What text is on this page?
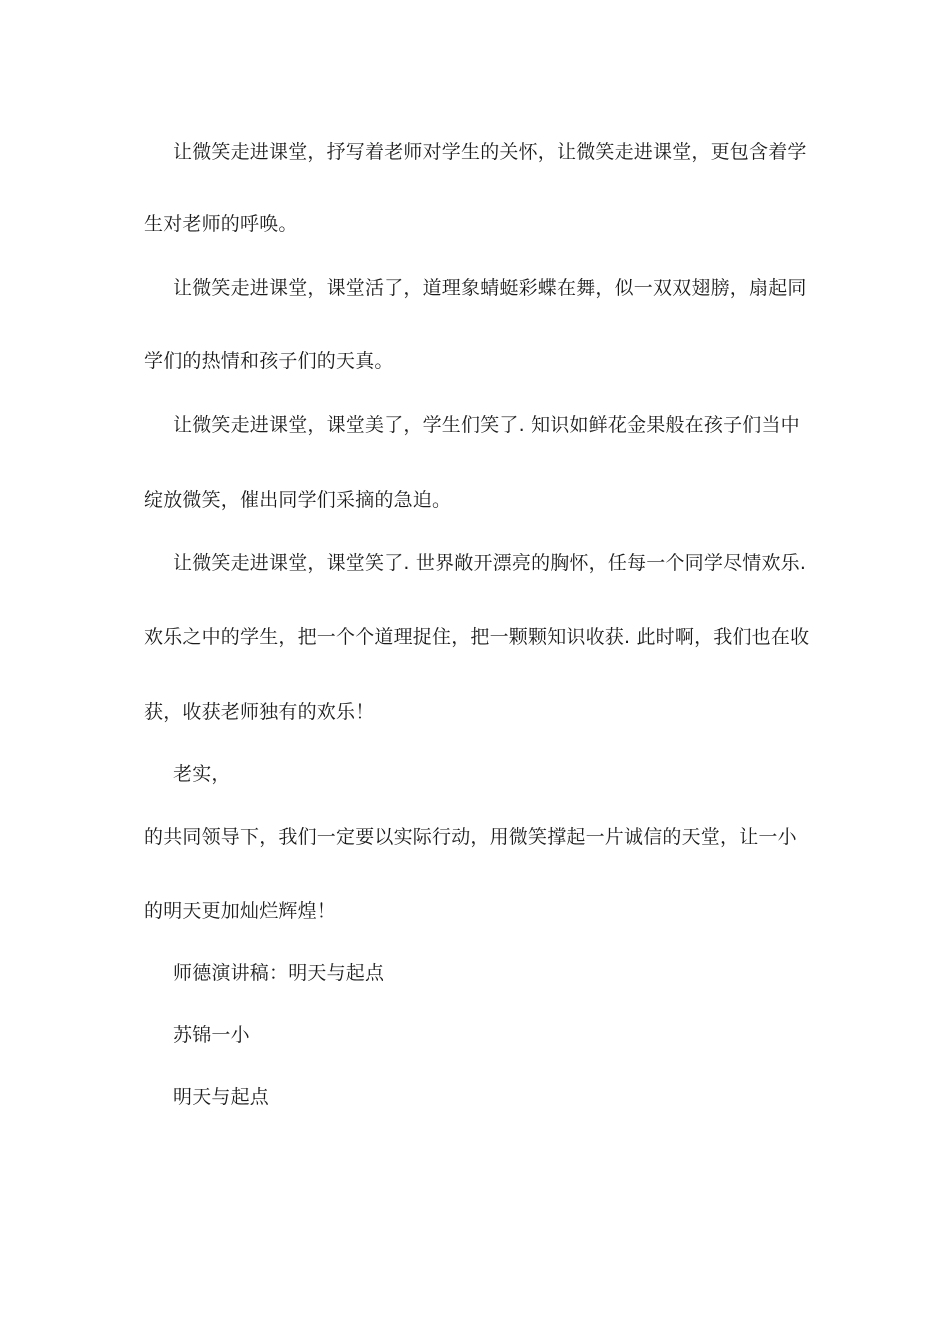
让微笑走进课堂，抒写着老师对学生的关怀，让微笑走进课堂，更包含着学
生对老师的呼唤。
让微笑走进课堂，课堂活了，道理象蜻蜓彩蝶在舞，似一双双翅膀，扇起同
学们的热情和孩子们的天真。
让微笑走进课堂，课堂美了，学生们笑了. 知识如鲜花金果般在孩子们当中
绽放微笑，催出同学们采摘的急迫。
让微笑走进课堂，课堂笑了. 世界敞开漂亮的胸怀，任每一个同学尽情欢乐.
欢乐之中的学生，把一个个道理捉住，把一颗颗知识收获. 此时啊，我们也在收
获，收获老师独有的欢乐！
老实，
的共同领导下，我们一定要以实际行动，用微笑撑起一片诚信的天堂，让一小
的明天更加灿烂辉煌！
师德演讲稿：明天与起点
苏锦一小
明天与起点
